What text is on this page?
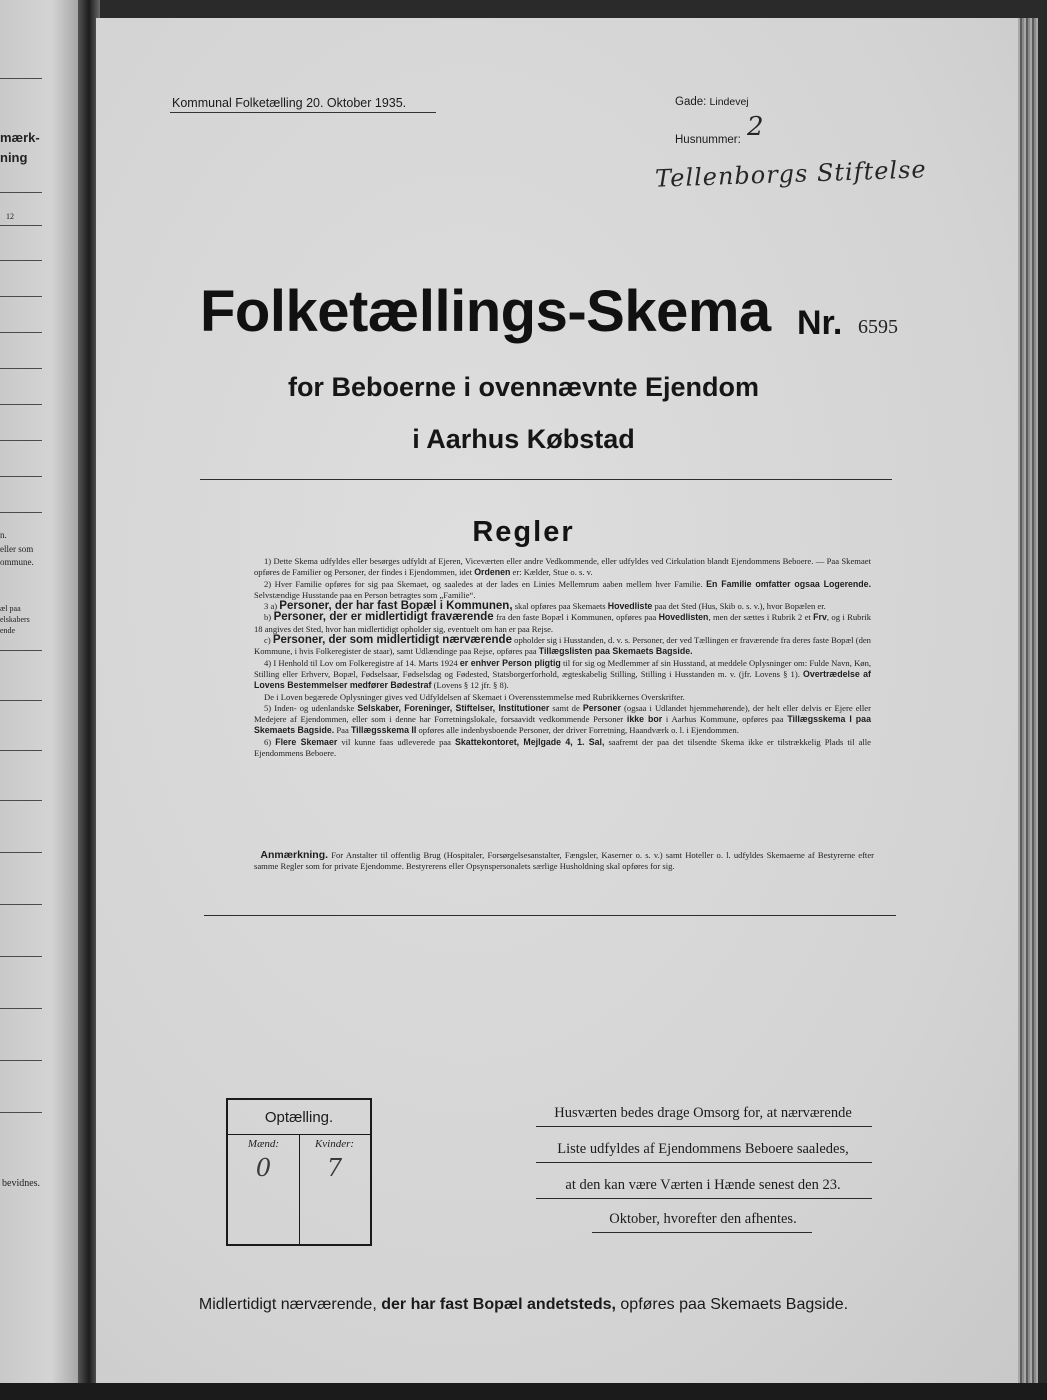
mærk-
ning
12
n.
eller som
ommune.
æl paa
elskabers
ende
bevidnes.
Kommunal Folketælling 20. Oktober 1935.	Gade: Lindevej
Husnummer: 2
Tellenborgs Stiftelse
Folketællings-Skema Nr. 6595
for Beboerne i ovennævnte Ejendom
i Aarhus Købstad
Regler

1) Dette Skema udfyldes eller besørges udfyldt af Ejeren, Viceværten eller andre Vedkommende, eller udfyldes ved Cirkulation blandt Ejendommens Beboere. — Paa Skemaet opføres de Familier og Personer, der findes i Ejendommen, idet Ordenen er: Kælder, Stue o. s. v.

2) Hver Familie opføres for sig paa Skemaet, og saaledes at der lades en Linies Mellemrum aaben mellem hver Familie. En Familie omfatter ogsaa Logerende. Selvstændige Husstande paa en Person betragtes som „Familie“.

3 a) Personer, der har fast Bopæl i Kommunen, skal opføres paa Skemaets Hovedliste paa det Sted (Hus, Skib o. s. v.), hvor Bopælen er.

b) Personer, der er midlertidigt fraværende fra den faste Bopæl i Kommunen, opføres paa Hovedlisten, men der sættes i Rubrik 2 et Frv, og i Rubrik 18 angives det Sted, hvor han midlertidigt opholder sig, eventuelt om han er paa Rejse.

c) Personer, der som midlertidigt nærværende opholder sig i Husstanden, d. v. s. Personer, der ved Tællingen er fraværende fra deres faste Bopæl (den Kommune, i hvis Folkeregister de staar), samt Udlændinge paa Rejse, opføres paa Tillægslisten paa Skemaets Bagside.

4) I Henhold til Lov om Folkeregistre af 14. Marts 1924 er enhver Person pligtig til for sig og Medlemmer af sin Husstand, at meddele Oplysninger om: Fulde Navn, Køn, Stilling eller Erhverv, Bopæl, Fødselsaar, Fødselsdag og Fødested, Statsborgerforhold, ægteskabelig Stilling, Stilling i Husstanden m. v. (jfr. Lovens § 1). Overtrædelse af Lovens Bestemmelser medfører Bødestraf (Lovens § 12 jfr. § 8).

De i Loven begærede Oplysninger gives ved Udfyldelsen af Skemaet i Overensstemmelse med Rubrikkernes Overskrifter.

5) Inden- og udenlandske Selskaber, Foreninger, Stiftelser, Institutioner samt de Personer (ogsaa i Udlandet hjemmehørende), der helt eller delvis er Ejere eller Medejere af Ejendommen, eller som i denne har Forretningslokale, forsaavidt vedkommende Personer ikke bor i Aarhus Kommune, opføres paa Tillægsskema I paa Skemaets Bagside. Paa Tillægsskema II opføres alle indenbysboende Personer, der driver Forretning, Haandværk o. l. i Ejendommen.

6) Flere Skemaer vil kunne faas udleverede paa Skattekontoret, Mejlgade 4, 1. Sal, saafremt der paa det tilsendte Skema ikke er tilstrækkelig Plads til alle Ejendommens Beboere.

Anmærkning. For Anstalter til offentlig Brug (Hospitaler, Forsørgelsesanstalter, Fængsler, Kaserner o. s. v.) samt Hoteller o. l. udfyldes Skemaerne af Bestyrerne efter samme Regler som for private Ejendomme. Bestyrerens eller Opsynspersonalets særlige Husholdning skal opføres for sig.
Optælling.
Mænd:	Kvinder:
0	7
Husværten bedes drage Omsorg for, at nærværende
Liste udfyldes af Ejendommens Beboere saaledes,
at den kan være Værten i Hænde senest den 23.
Oktober, hvorefter den afhentes.
Midlertidigt nærværende, der har fast Bopæl andetsteds, opføres paa Skemaets Bagside.
